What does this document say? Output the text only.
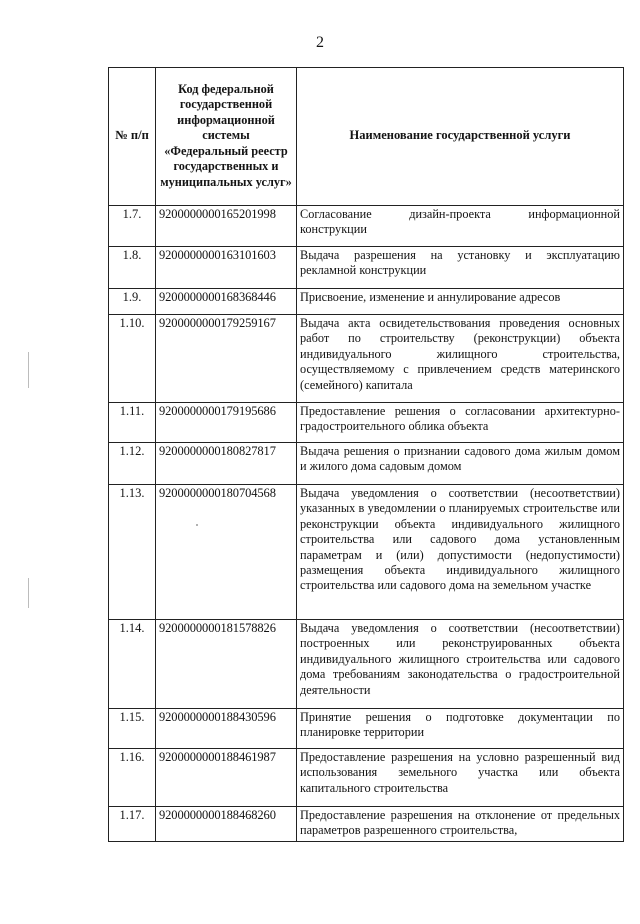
2
№ п/п	Код федеральной государственной информационной системы «Федеральный реестр государственных и муниципальных услуг»	Наименование государственной услуги
1.7.	9200000000165201998	Согласование дизайн-проекта информационной конструкции
1.8.	9200000000163101603	Выдача разрешения на установку и эксплуатацию рекламной конструкции
1.9.	9200000000168368446	Присвоение, изменение и аннулирование адресов
1.10.	9200000000179259167	Выдача акта освидетельствования проведения основных работ по строительству (реконструкции) объекта индивидуального жилищного строительства, осуществляемому с привлечением средств материнского (семейного) капитала
1.11.	9200000000179195686	Предоставление решения о согласовании архитектурно-градостроительного облика объекта
1.12.	9200000000180827817	Выдача решения о признании садового дома жилым домом и жилого дома садовым домом
1.13.	9200000000180704568	Выдача уведомления о соответствии (несоответствии) указанных в уведомлении о планируемых строительстве или реконструкции объекта индивидуального жилищного строительства или садового дома установленным параметрам и (или) допустимости (недопустимости) размещения объекта индивидуального жилищного строительства или садового дома на земельном участке
1.14.	9200000000181578826	Выдача уведомления о соответствии (несоответствии) построенных или реконструированных объекта индивидуального жилищного строительства или садового дома требованиям законодательства о градостроительной деятельности
1.15.	9200000000188430596	Принятие решения о подготовке документации по планировке территории
1.16.	9200000000188461987	Предоставление разрешения на условно разрешенный вид использования земельного участка или объекта капитального строительства
1.17.	9200000000188468260	Предоставление разрешения на отклонение от предельных параметров разрешенного строительства,
